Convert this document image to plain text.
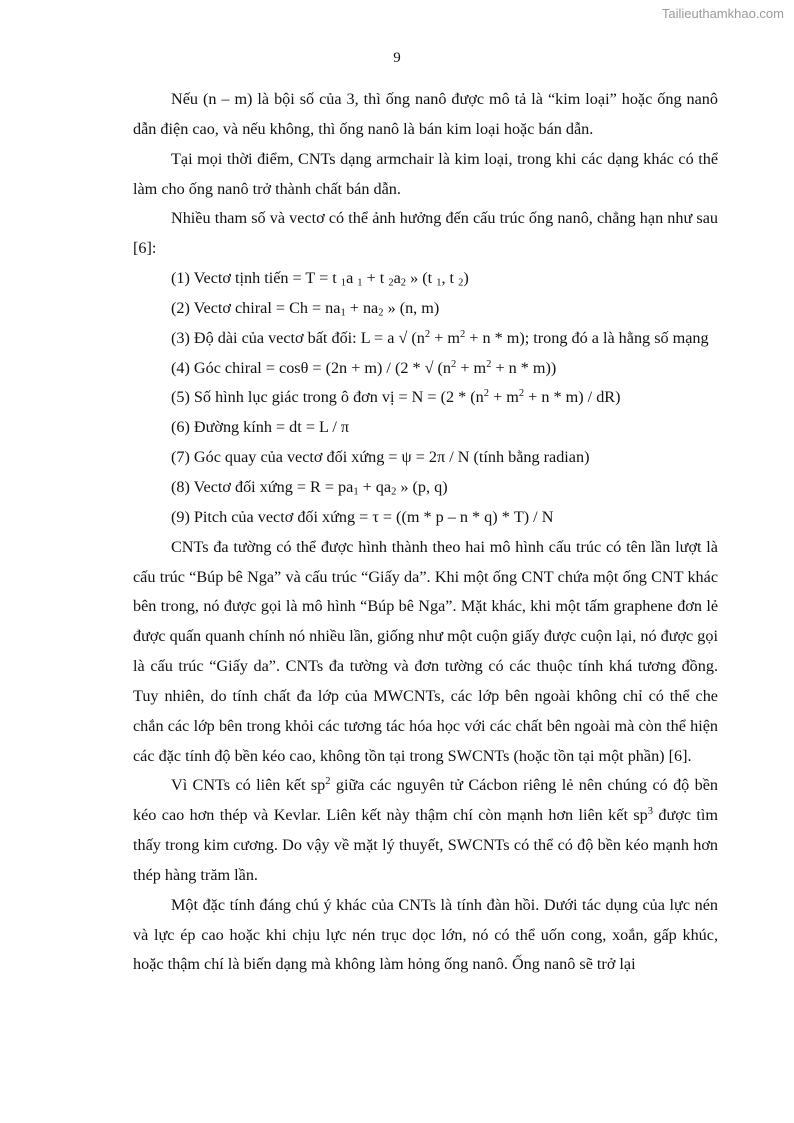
Tailieuthamkhao.com
9

Nếu (n – m) là bội số của 3, thì ống nanô được mô tả là “kim loại” hoặc ống nanô dẫn điện cao, và nếu không, thì ống nanô là bán kim loại hoặc bán dẫn.

Tại mọi thời điểm, CNTs dạng armchair là kim loại, trong khi các dạng khác có thể làm cho ống nanô trở thành chất bán dẫn.

Nhiều tham số và vectơ có thể ảnh hưởng đến cấu trúc ống nanô, chẳng hạn như sau [6]:

(1) Vectơ tịnh tiến = T = t $_1$a $_1$ + t $_2a_2$ » (t $_1$, t $_2$)

(2) Vectơ chiral = $Ch = na_1 + na_2$ » (n, m)

(3) Độ dài của vectơ bất đối: L = a √ $(n^2 + m^2 + n * m)$; trong đó a là hằng số mạng

(4) Góc chiral = cosθ = (2n + m) / (2 * √ $(n^2 + m^2 + n * m)$)

(5) Số hình lục giác trong ô đơn vị = $N = (2 * (n^2 + m^2 + n * m) / dR)$

(6) Đường kính = dt = L / π

(7) Góc quay của vectơ đối xứng = ψ = 2π / N (tính bằng radian)

(8) Vectơ đối xứng = $R = pa_1 + qa_2$ » (p, q)

(9) Pitch của vectơ đối xứng = τ = ((m * p – n * q) * T) / N

CNTs đa tường có thể được hình thành theo hai mô hình cấu trúc có tên lần lượt là cấu trúc “Búp bê Nga” và cấu trúc “Giấy da”. Khi một ống CNT chứa một ống CNT khác bên trong, nó được gọi là mô hình “Búp bê Nga”. Mặt khác, khi một tấm graphene đơn lẻ được quấn quanh chính nó nhiều lần, giống như một cuộn giấy được cuộn lại, nó được gọi là cấu trúc “Giấy da”. CNTs đa tường và đơn tường có các thuộc tính khá tương đồng. Tuy nhiên, do tính chất đa lớp của MWCNTs, các lớp bên ngoài không chỉ có thể che chắn các lớp bên trong khỏi các tương tác hóa học với các chất bên ngoài mà còn thể hiện các đặc tính độ bền kéo cao, không tồn tại trong SWCNTs (hoặc tồn tại một phần) [6].

Vì CNTs có liên kết $sp^2$ giữa các nguyên tử Cácbon riêng lẻ nên chúng có độ bền kéo cao hơn thép và Kevlar. Liên kết này thậm chí còn mạnh hơn liên kết $sp^3$ được tìm thấy trong kim cương. Do vậy về mặt lý thuyết, SWCNTs có thể có độ bền kéo mạnh hơn thép hàng trăm lần.

Một đặc tính đáng chú ý khác của CNTs là tính đàn hồi. Dưới tác dụng của lực nén và lực ép cao hoặc khi chịu lực nén trục dọc lớn, nó có thể uốn cong, xoắn, gấp khúc, hoặc thậm chí là biến dạng mà không làm hỏng ống nanô. Ống nanô sẽ trở lại
